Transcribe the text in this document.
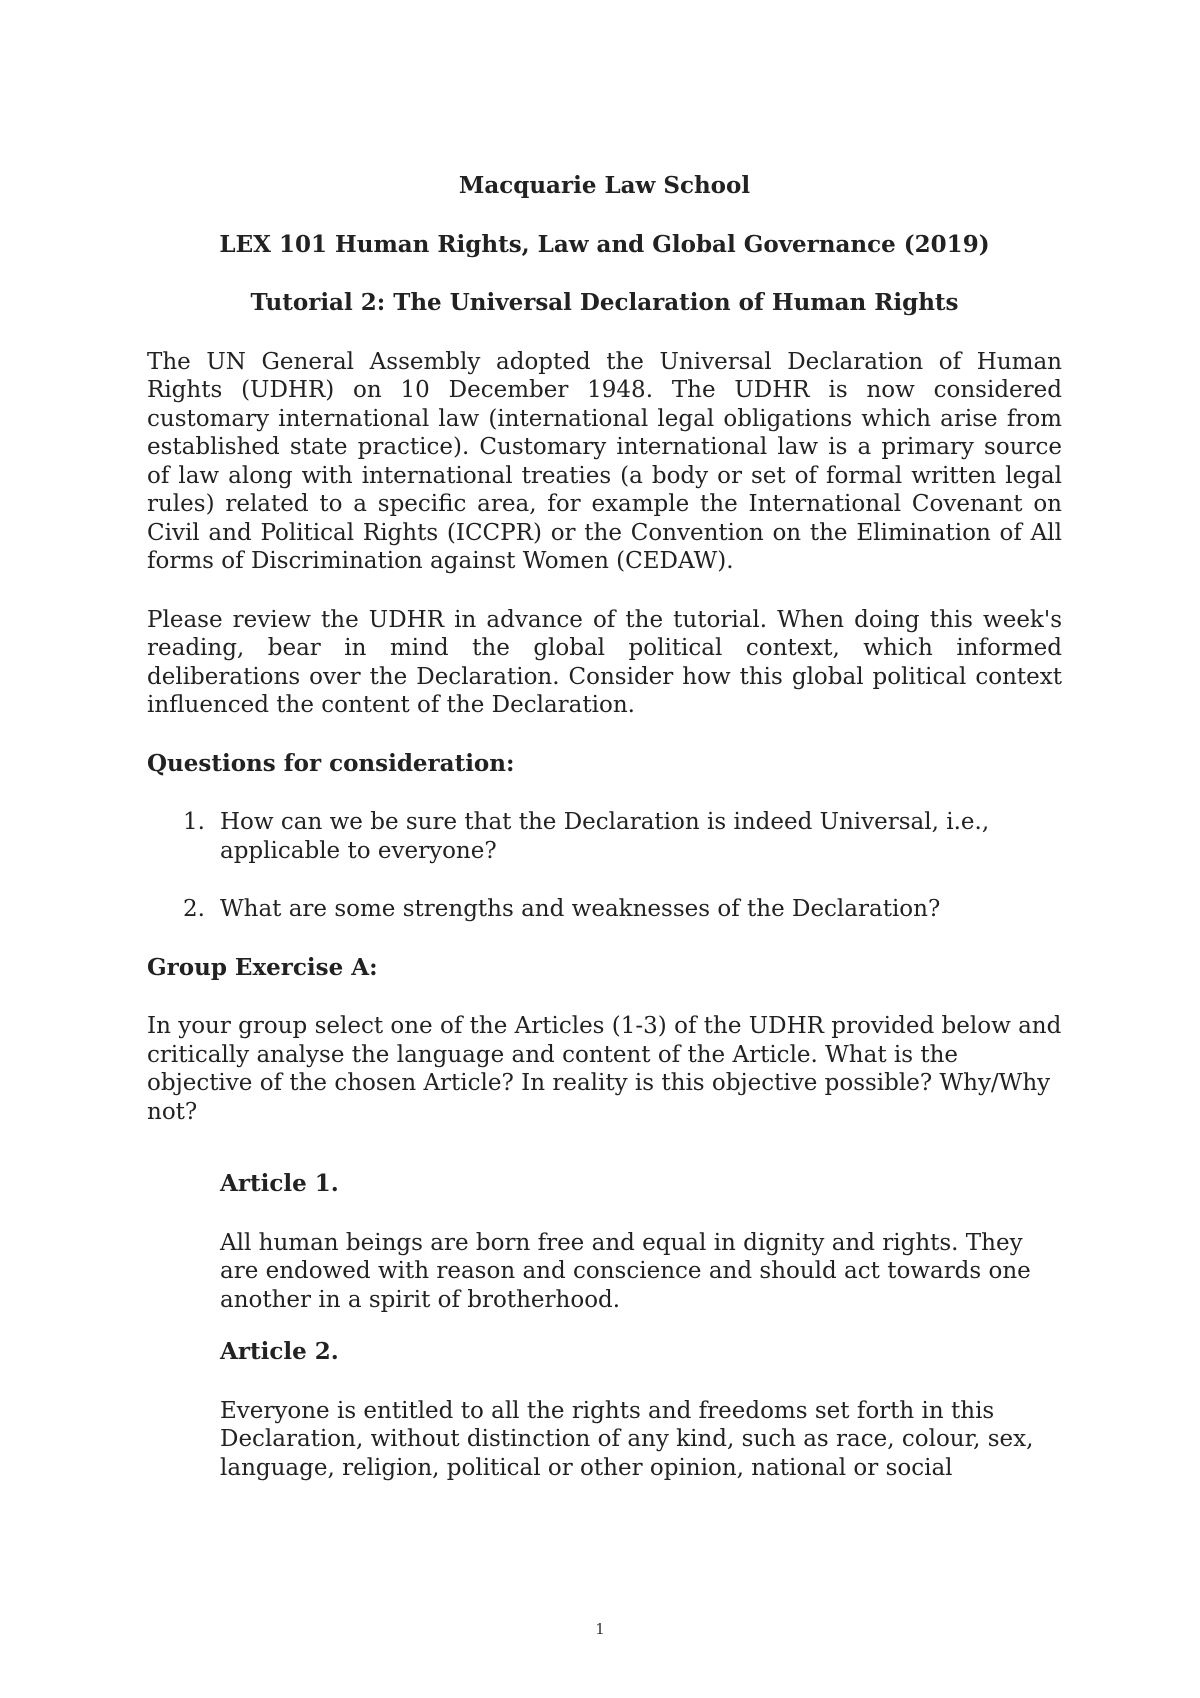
Macquarie Law School
LEX 101 Human Rights, Law and Global Governance (2019)
Tutorial 2: The Universal Declaration of Human Rights

The UN General Assembly adopted the Universal Declaration of Human Rights (UDHR) on 10 December 1948. The UDHR is now considered customary international law (international legal obligations which arise from established state practice). Customary international law is a primary source of law along with international treaties (a body or set of formal written legal rules) related to a specific area, for example the International Covenant on Civil and Political Rights (ICCPR) or the Convention on the Elimination of All forms of Discrimination against Women (CEDAW).

Please review the UDHR in advance of the tutorial. When doing this week's reading, bear in mind the global political context, which informed deliberations over the Declaration. Consider how this global political context influenced the content of the Declaration.

Questions for consideration:
1. How can we be sure that the Declaration is indeed Universal, i.e., applicable to everyone?
2. What are some strengths and weaknesses of the Declaration?
Group Exercise A:

In your group select one of the Articles (1-3) of the UDHR provided below and critically analyse the language and content of the Article. What is the objective of the chosen Article? In reality is this objective possible? Why/Why not?

Article 1.
All human beings are born free and equal in dignity and rights. They are endowed with reason and conscience and should act towards one another in a spirit of brotherhood.
Article 2.
Everyone is entitled to all the rights and freedoms set forth in this Declaration, without distinction of any kind, such as race, colour, sex, language, religion, political or other opinion, national or social
1
